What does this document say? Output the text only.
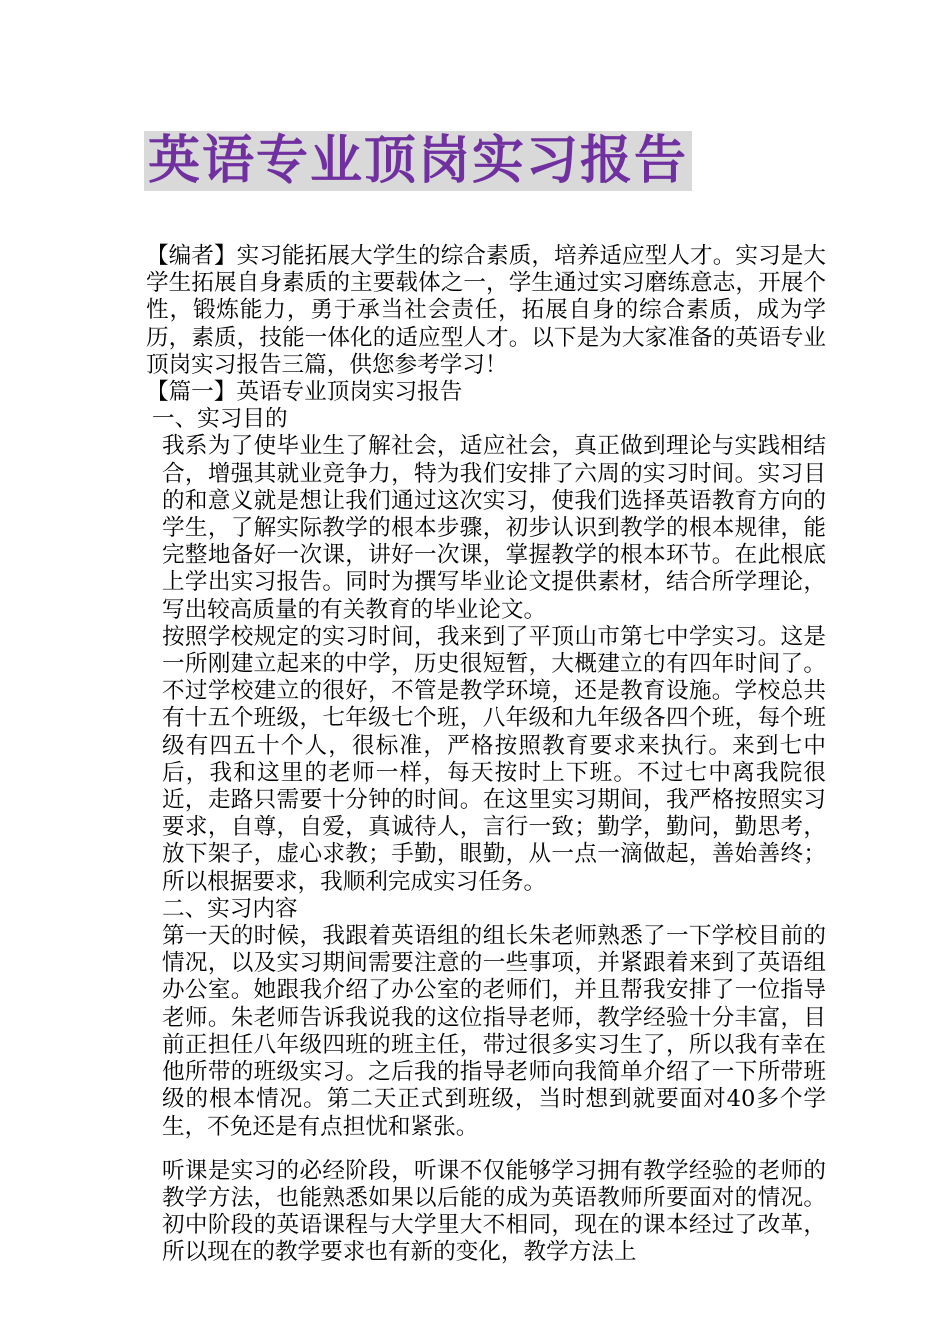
英语专业顶岗实习报告

【编者】实习能拓展大学生的综合素质，培养适应型人才。实习是大学生拓展自身素质的主要载体之一，学生通过实习磨练意志，开展个性，锻炼能力，勇于承当社会责任，拓展自身的综合素质，成为学历，素质，技能一体化的适应型人才。以下是为大家准备的英语专业顶岗实习报告三篇，供您参考学习！

【篇一】英语专业顶岗实习报告

一、实习目的

我系为了使毕业生了解社会，适应社会，真正做到理论与实践相结合，增强其就业竞争力，特为我们安排了六周的实习时间。实习目的和意义就是想让我们通过这次实习，使我们选择英语教育方向的学生，了解实际教学的根本步骤，初步认识到教学的根本规律，能完整地备好一次课，讲好一次课，掌握教学的根本环节。在此根底上学出实习报告。同时为撰写毕业论文提供素材，结合所学理论，写出较高质量的有关教育的毕业论文。

按照学校规定的实习时间，我来到了平顶山市第七中学实习。这是一所刚建立起来的中学，历史很短暂，大概建立的有四年时间了。不过学校建立的很好，不管是教学环境，还是教育设施。学校总共有十五个班级，七年级七个班，八年级和九年级各四个班，每个班级有四五十个人，很标准，严格按照教育要求来执行。来到七中后，我和这里的老师一样，每天按时上下班。不过七中离我院很近，走路只需要十分钟的时间。在这里实习期间，我严格按照实习要求，自尊，自爱，真诚待人，言行一致；勤学，勤问，勤思考，放下架子，虚心求教；手勤，眼勤，从一点一滴做起，善始善终；所以根据要求，我顺利完成实习任务。

二、实习内容

第一天的时候，我跟着英语组的组长朱老师熟悉了一下学校目前的情况，以及实习期间需要注意的一些事项，并紧跟着来到了英语组办公室。她跟我介绍了办公室的老师们，并且帮我安排了一位指导老师。朱老师告诉我说我的这位指导老师，教学经验十分丰富，目前正担任八年级四班的班主任，带过很多实习生了，所以我有幸在他所带的班级实习。之后我的指导老师向我简单介绍了一下所带班级的根本情况。第二天正式到班级，当时想到就要面对40多个学生，不免还是有点担忧和紧张。

听课是实习的必经阶段，听课不仅能够学习拥有教学经验的老师的教学方法，也能熟悉如果以后能的成为英语教师所要面对的情况。初中阶段的英语课程与大学里大不相同，现在的课本经过了改革，所以现在的教学要求也有新的变化，教学方法上
